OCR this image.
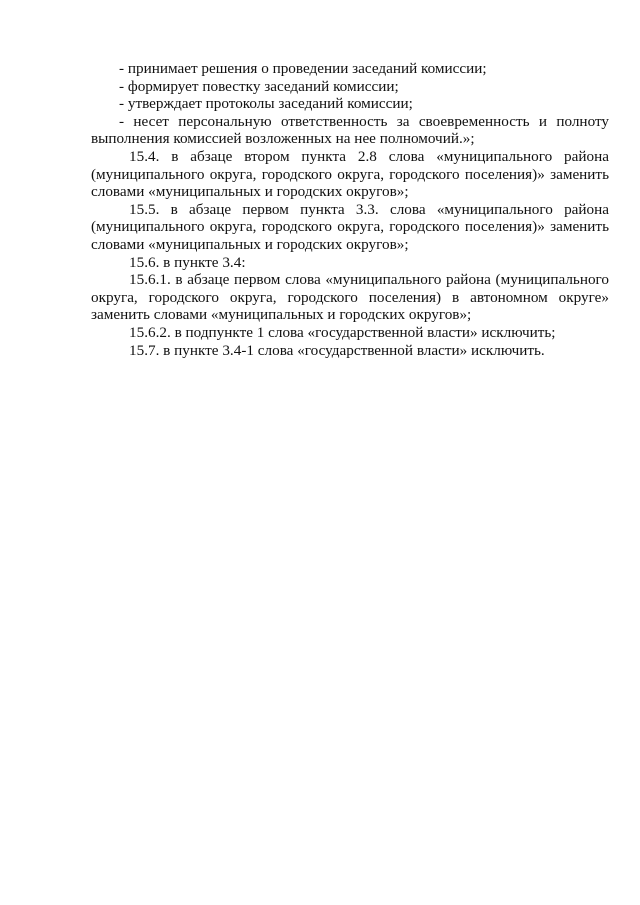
- принимает решения о проведении заседаний комиссии;

- формирует повестку заседаний комиссии;

- утверждает протоколы заседаний комиссии;

- несет персональную ответственность за своевременность и полноту выполнения комиссией возложенных на нее полномочий.»;

15.4. в абзаце втором пункта 2.8 слова «муниципального района (муниципального округа, городского округа, городского поселения)» заменить словами «муниципальных и городских округов»;

15.5. в абзаце первом пункта 3.3. слова «муниципального района (муниципального округа, городского округа, городского поселения)» заменить словами «муниципальных и городских округов»;

15.6. в пункте 3.4:

15.6.1. в абзаце первом слова «муниципального района (муниципального округа, городского округа, городского поселения) в автономном округе» заменить словами «муниципальных и городских округов»;

15.6.2. в подпункте 1 слова «государственной власти» исключить;

15.7. в пункте 3.4-1 слова «государственной власти» исключить.
